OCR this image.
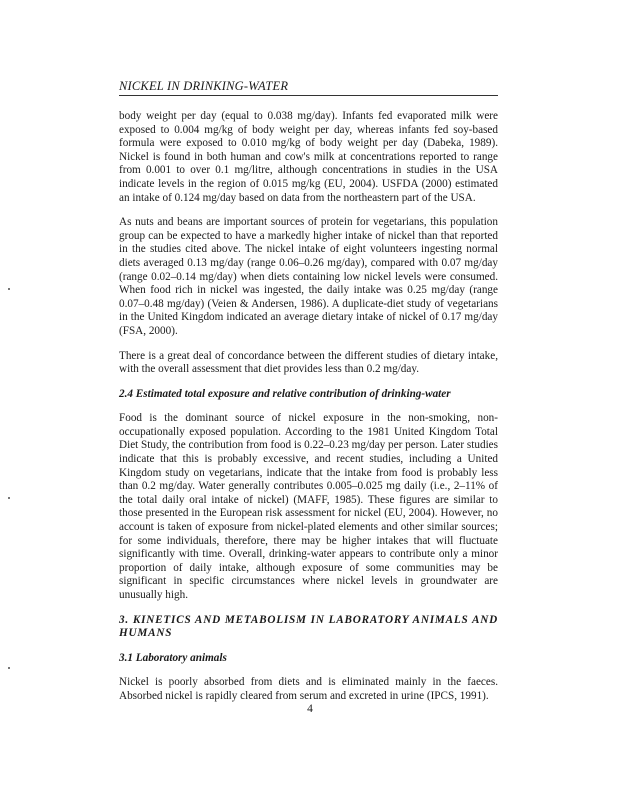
NICKEL IN DRINKING-WATER

body weight per day (equal to 0.038 mg/day). Infants fed evaporated milk were exposed to 0.004 mg/kg of body weight per day, whereas infants fed soy-based formula were exposed to 0.010 mg/kg of body weight per day (Dabeka, 1989). Nickel is found in both human and cow's milk at concentrations reported to range from 0.001 to over 0.1 mg/litre, although concentrations in studies in the USA indicate levels in the region of 0.015 mg/kg (EU, 2004). USFDA (2000) estimated an intake of 0.124 mg/day based on data from the northeastern part of the USA.

As nuts and beans are important sources of protein for vegetarians, this population group can be expected to have a markedly higher intake of nickel than that reported in the studies cited above. The nickel intake of eight volunteers ingesting normal diets averaged 0.13 mg/day (range 0.06–0.26 mg/day), compared with 0.07 mg/day (range 0.02–0.14 mg/day) when diets containing low nickel levels were consumed. When food rich in nickel was ingested, the daily intake was 0.25 mg/day (range 0.07–0.48 mg/day) (Veien & Andersen, 1986). A duplicate-diet study of vegetarians in the United Kingdom indicated an average dietary intake of nickel of 0.17 mg/day (FSA, 2000).

There is a great deal of concordance between the different studies of dietary intake, with the overall assessment that diet provides less than 0.2 mg/day.

2.4 Estimated total exposure and relative contribution of drinking-water

Food is the dominant source of nickel exposure in the non-smoking, non-occupationally exposed population. According to the 1981 United Kingdom Total Diet Study, the contribution from food is 0.22–0.23 mg/day per person. Later studies indicate that this is probably excessive, and recent studies, including a United Kingdom study on vegetarians, indicate that the intake from food is probably less than 0.2 mg/day. Water generally contributes 0.005–0.025 mg daily (i.e., 2–11% of the total daily oral intake of nickel) (MAFF, 1985). These figures are similar to those presented in the European risk assessment for nickel (EU, 2004). However, no account is taken of exposure from nickel-plated elements and other similar sources; for some individuals, therefore, there may be higher intakes that will fluctuate significantly with time. Overall, drinking-water appears to contribute only a minor proportion of daily intake, although exposure of some communities may be significant in specific circumstances where nickel levels in groundwater are unusually high.

3. KINETICS AND METABOLISM IN LABORATORY ANIMALS AND HUMANS
3.1 Laboratory animals

Nickel is poorly absorbed from diets and is eliminated mainly in the faeces. Absorbed nickel is rapidly cleared from serum and excreted in urine (IPCS, 1991).

4
